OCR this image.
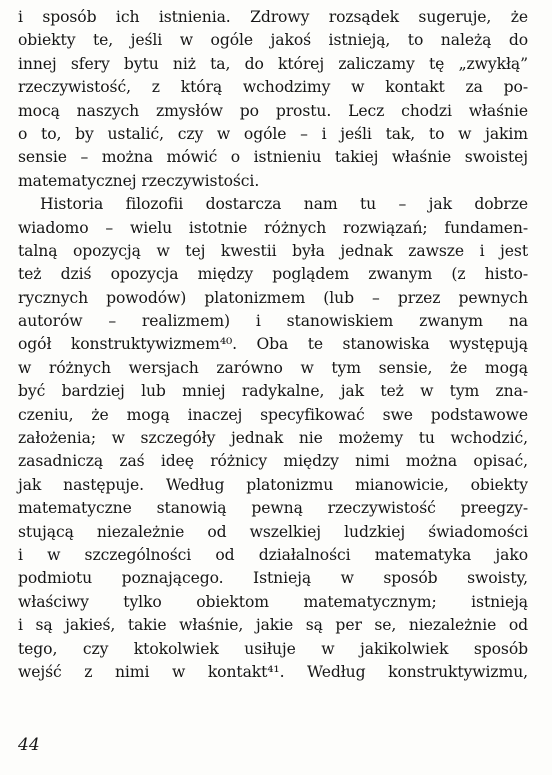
i sposób ich istnienia. Zdrowy rozsądek sugeruje, że
obiekty te, jeśli w ogóle jakoś istnieją, to należą do
innej sfery bytu niż ta, do której zaliczamy tę „zwykłą”
rzeczywistość, z którą wchodzimy w kontakt za po-
mocą naszych zmysłów po prostu. Lecz chodzi właśnie
o to, by ustalić, czy w ogóle – i jeśli tak, to w jakim
sensie – można mówić o istnieniu takiej właśnie swoistej
matematycznej rzeczywistości.
Historia filozofii dostarcza nam tu – jak dobrze
wiadomo – wielu istotnie różnych rozwiązań; fundamen-
talną opozycją w tej kwestii była jednak zawsze i jest
też dziś opozycja między poglądem zwanym (z histo-
rycznych powodów) platonizmem (lub – przez pewnych
autorów – realizmem) i stanowiskiem zwanym na
ogół konstruktywizmem⁴⁰. Oba te stanowiska występują
w różnych wersjach zarówno w tym sensie, że mogą
być bardziej lub mniej radykalne, jak też w tym zna-
czeniu, że mogą inaczej specyfikować swe podstawowe
założenia; w szczegóły jednak nie możemy tu wchodzić,
zasadniczą zaś ideę różnicy między nimi można opisać,
jak następuje. Według platonizmu mianowicie, obiekty
matematyczne stanowią pewną rzeczywistość preegzy-
stującą niezależnie od wszelkiej ludzkiej świadomości
i w szczególności od działalności matematyka jako
podmiotu poznającego. Istnieją w sposób swoisty,
właściwy tylko obiektom matematycznym; istnieją
i są jakieś, takie właśnie, jakie są per se, niezależnie od
tego, czy ktokolwiek usiłuje w jakikolwiek sposób
wejść z nimi w kontakt⁴¹. Według konstruktywizmu,
44
